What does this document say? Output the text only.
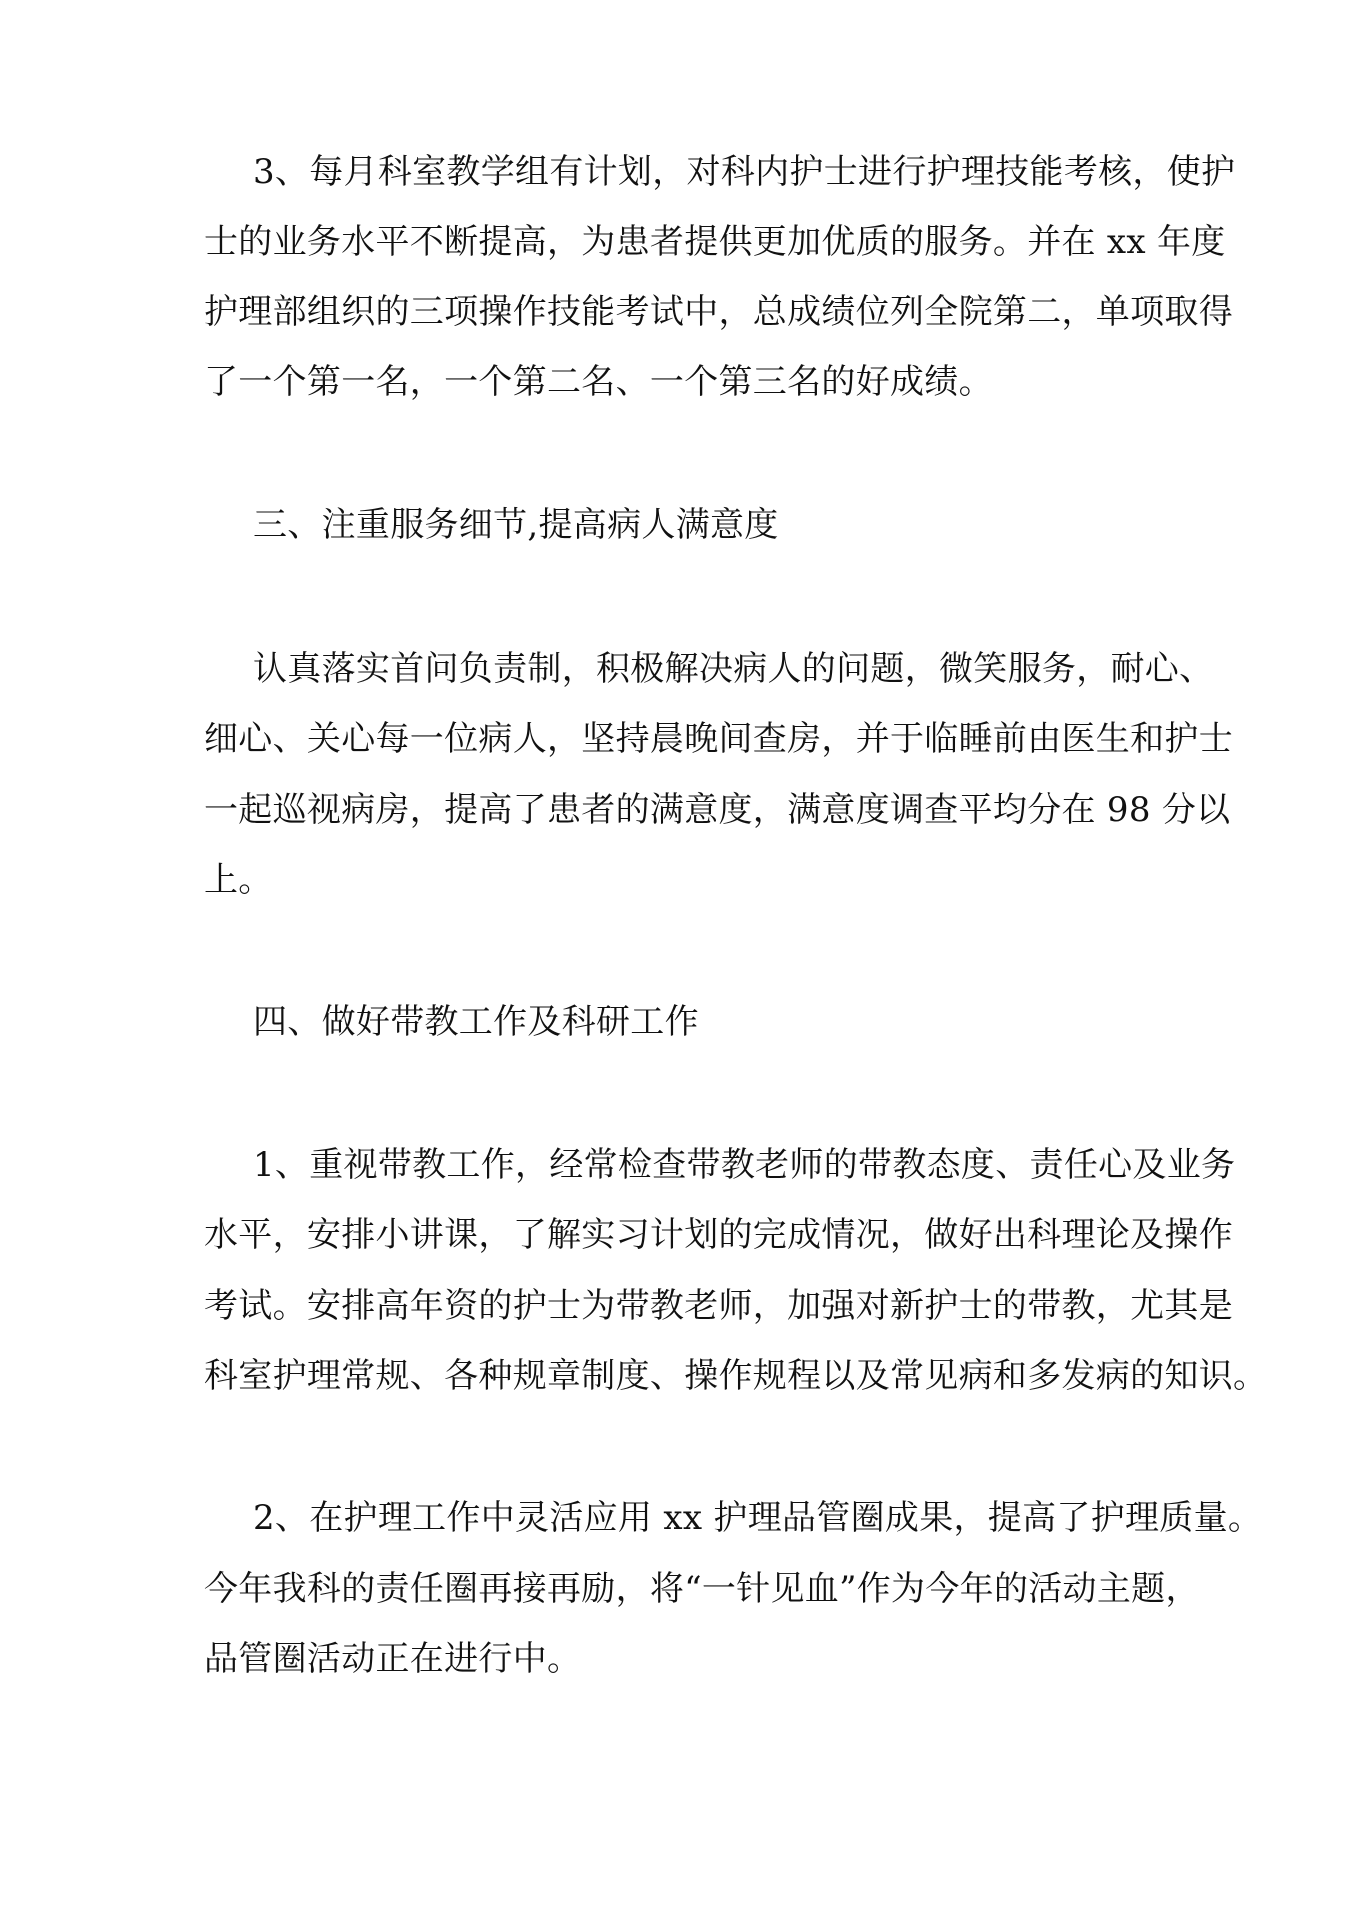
3、每月科室教学组有计划，对科内护士进行护理技能考核，使护
士的业务水平不断提高，为患者提供更加优质的服务。并在 xx 年度
护理部组织的三项操作技能考试中，总成绩位列全院第二，单项取得
了一个第一名，一个第二名、一个第三名的好成绩。
三、注重服务细节,提高病人满意度
认真落实首问负责制，积极解决病人的问题，微笑服务，耐心、
细心、关心每一位病人，坚持晨晚间查房，并于临睡前由医生和护士
一起巡视病房，提高了患者的满意度，满意度调查平均分在 98 分以
上。
四、做好带教工作及科研工作
1、重视带教工作，经常检查带教老师的带教态度、责任心及业务
水平，安排小讲课，了解实习计划的完成情况，做好出科理论及操作
考试。安排高年资的护士为带教老师，加强对新护士的带教，尤其是
科室护理常规、各种规章制度、操作规程以及常见病和多发病的知识。
2、在护理工作中灵活应用 xx 护理品管圈成果，提高了护理质量。
今年我科的责任圈再接再励，将“一针见血”作为今年的活动主题，
品管圈活动正在进行中。
